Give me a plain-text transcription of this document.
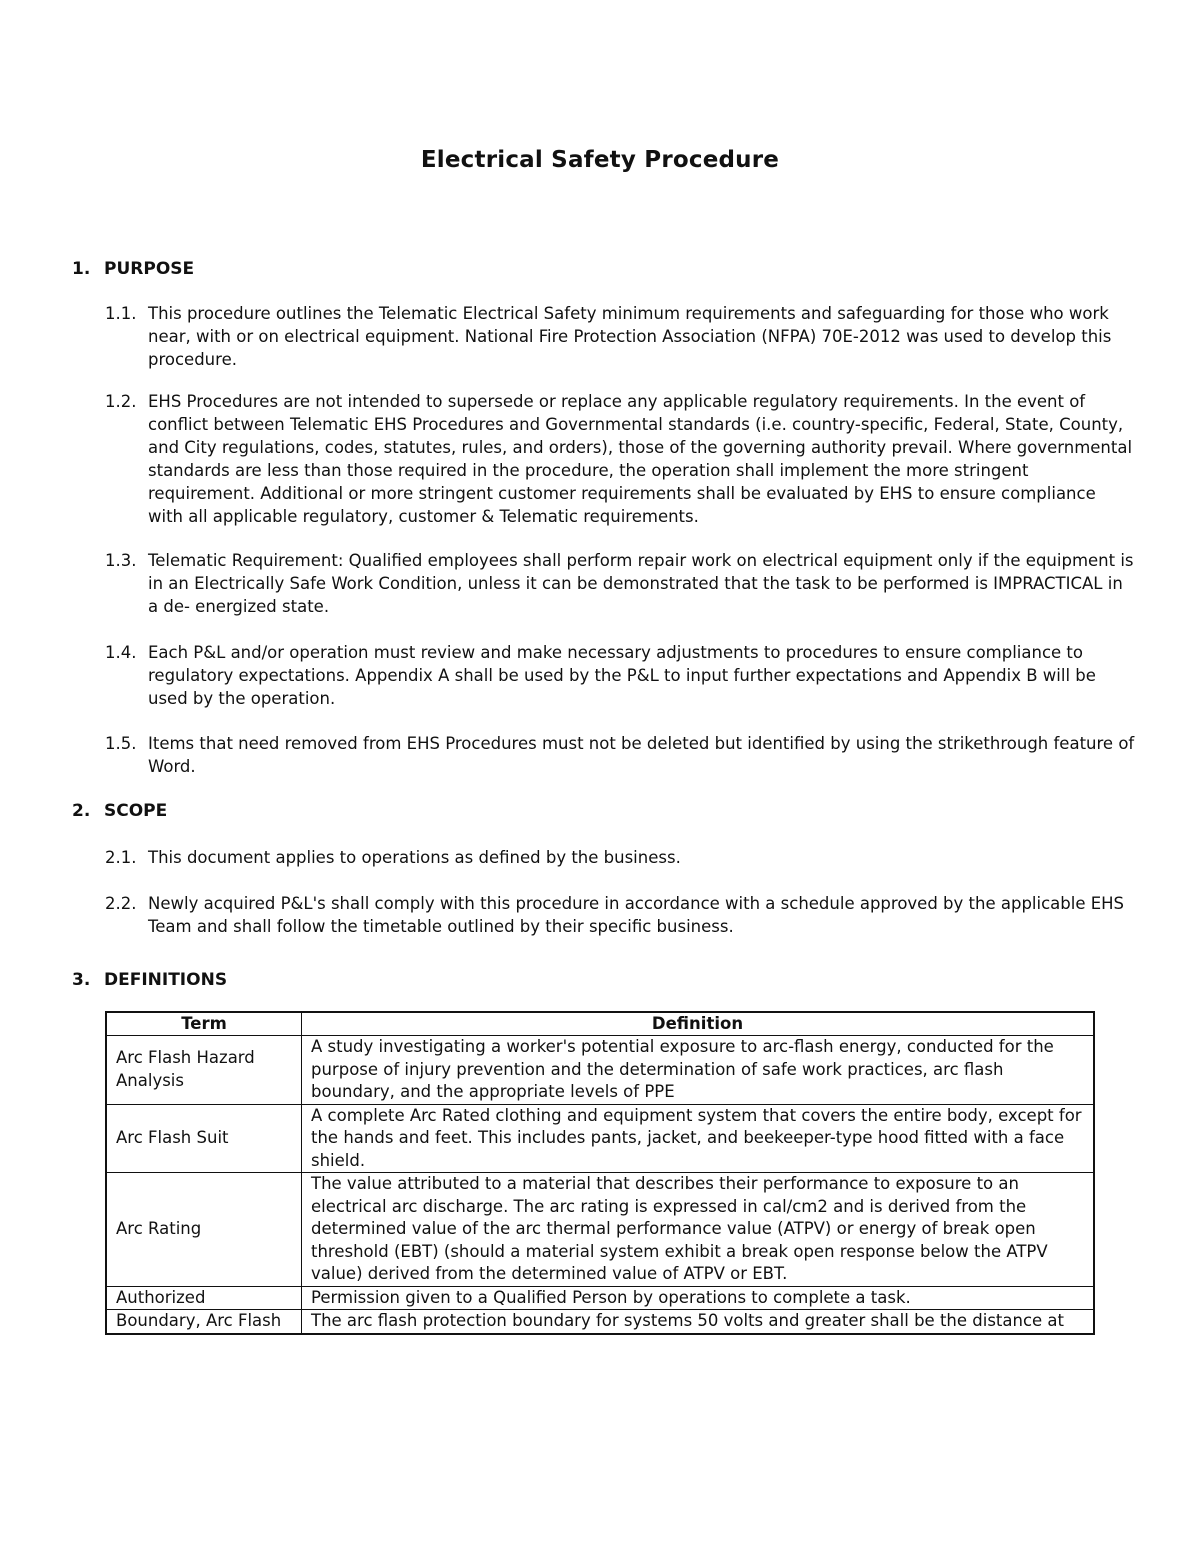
Electrical Safety Procedure
1. PURPOSE
1.1. This procedure outlines the Telematic Electrical Safety minimum requirements and safeguarding for those who work near, with or on electrical equipment. National Fire Protection Association (NFPA) 70E-2012 was used to develop this procedure.
1.2. EHS Procedures are not intended to supersede or replace any applicable regulatory requirements. In the event of conflict between Telematic EHS Procedures and Governmental standards (i.e. country-specific, Federal, State, County, and City regulations, codes, statutes, rules, and orders), those of the governing authority prevail. Where governmental standards are less than those required in the procedure, the operation shall implement the more stringent requirement. Additional or more stringent customer requirements shall be evaluated by EHS to ensure compliance with all applicable regulatory, customer & Telematic requirements.
1.3. Telematic Requirement: Qualified employees shall perform repair work on electrical equipment only if the equipment is in an Electrically Safe Work Condition, unless it can be demonstrated that the task to be performed is IMPRACTICAL in a de- energized state.
1.4. Each P&L and/or operation must review and make necessary adjustments to procedures to ensure compliance to regulatory expectations. Appendix A shall be used by the P&L to input further expectations and Appendix B will be used by the operation.
1.5. Items that need removed from EHS Procedures must not be deleted but identified by using the strikethrough feature of Word.
2. SCOPE
2.1. This document applies to operations as defined by the business.
2.2. Newly acquired P&L's shall comply with this procedure in accordance with a schedule approved by the applicable EHS Team and shall follow the timetable outlined by their specific business.
3. DEFINITIONS
Term	Definition
Arc Flash Hazard Analysis	A study investigating a worker's potential exposure to arc-flash energy, conducted for the purpose of injury prevention and the determination of safe work practices, arc flash boundary, and the appropriate levels of PPE
Arc Flash Suit	A complete Arc Rated clothing and equipment system that covers the entire body, except for the hands and feet. This includes pants, jacket, and beekeeper-type hood fitted with a face shield.
Arc Rating	The value attributed to a material that describes their performance to exposure to an electrical arc discharge. The arc rating is expressed in cal/cm2 and is derived from the determined value of the arc thermal performance value (ATPV) or energy of break open threshold (EBT) (should a material system exhibit a break open response below the ATPV value) derived from the determined value of ATPV or EBT.
Authorized	Permission given to a Qualified Person by operations to complete a task.
Boundary, Arc Flash	The arc flash protection boundary for systems 50 volts and greater shall be the distance at
